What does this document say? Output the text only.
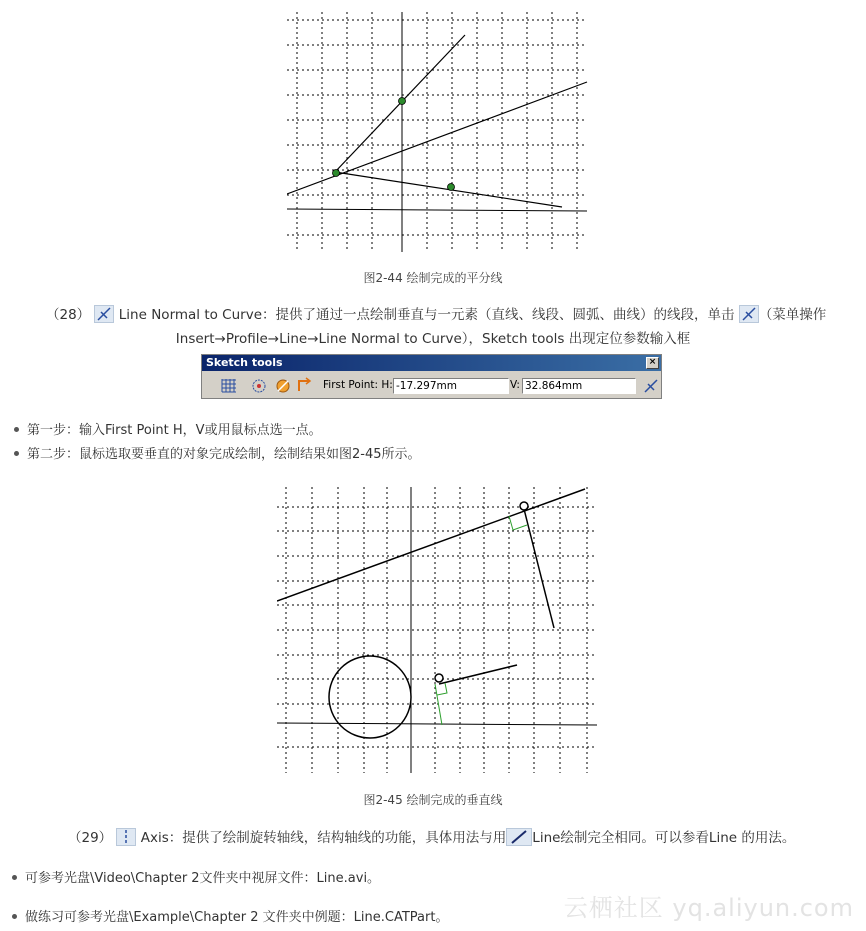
图2-44 绘制完成的平分线
（28） Line Normal to Curve：提供了通过一点绘制垂直与一元素（直线、线段、圆弧、曲线）的线段，单击 （菜单操作
Insert→Profile→Line→Line Normal to Curve），Sketch tools 出现定位参数输入框
Sketch tools	×
First Point: H: -17.297mm	V: 32.864mm
第一步：输入First Point H，V或用鼠标点选一点。
第二步：鼠标选取要垂直的对象完成绘制，绘制结果如图2-45所示。
图2-45 绘制完成的垂直线
（29） Axis：提供了绘制旋转轴线，结构轴线的功能，具体用法与用 Line绘制完全相同。可以参看Line 的用法。
可参考光盘\Video\Chapter 2文件夹中视屏文件：Line.avi。
做练习可参考光盘\Example\Chapter 2 文件夹中例题：Line.CATPart。	云栖社区 yq.aliyun.com
